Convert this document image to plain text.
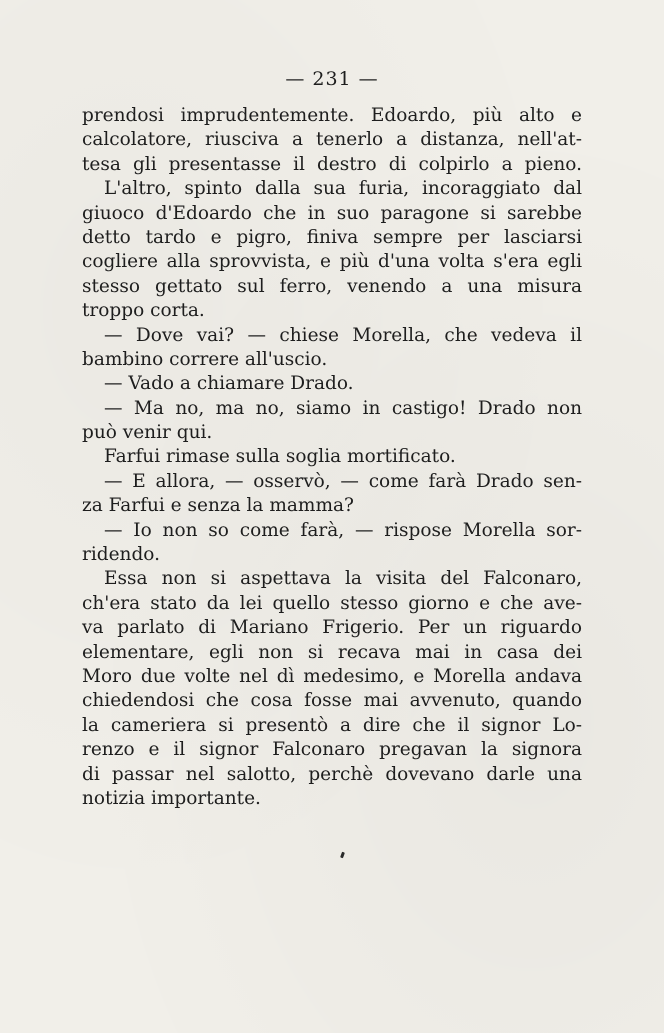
— 231 —
prendosi imprudentemente. Edoardo, più alto e
calcolatore, riusciva a tenerlo a distanza, nell'at-
tesa gli presentasse il destro di colpirlo a pieno.
L'altro, spinto dalla sua furia, incoraggiato dal
giuoco d'Edoardo che in suo paragone si sarebbe
detto tardo e pigro, finiva sempre per lasciarsi
cogliere alla sprovvista, e più d'una volta s'era egli
stesso gettato sul ferro, venendo a una misura
troppo corta.
— Dove vai? — chiese Morella, che vedeva il
bambino correre all'uscio.
— Vado a chiamare Drado.
— Ma no, ma no, siamo in castigo! Drado non
può venir qui.
Farfui rimase sulla soglia mortificato.
— E allora, — osservò, — come farà Drado sen-
za Farfui e senza la mamma?
— Io non so come farà, — rispose Morella sor-
ridendo.
Essa non si aspettava la visita del Falconaro,
ch'era stato da lei quello stesso giorno e che ave-
va parlato di Mariano Frigerio. Per un riguardo
elementare, egli non si recava mai in casa dei
Moro due volte nel dì medesimo, e Morella andava
chiedendosi che cosa fosse mai avvenuto, quando
la cameriera si presentò a dire che il signor Lo-
renzo e il signor Falconaro pregavan la signora
di passar nel salotto, perchè dovevano darle una
notizia importante.
